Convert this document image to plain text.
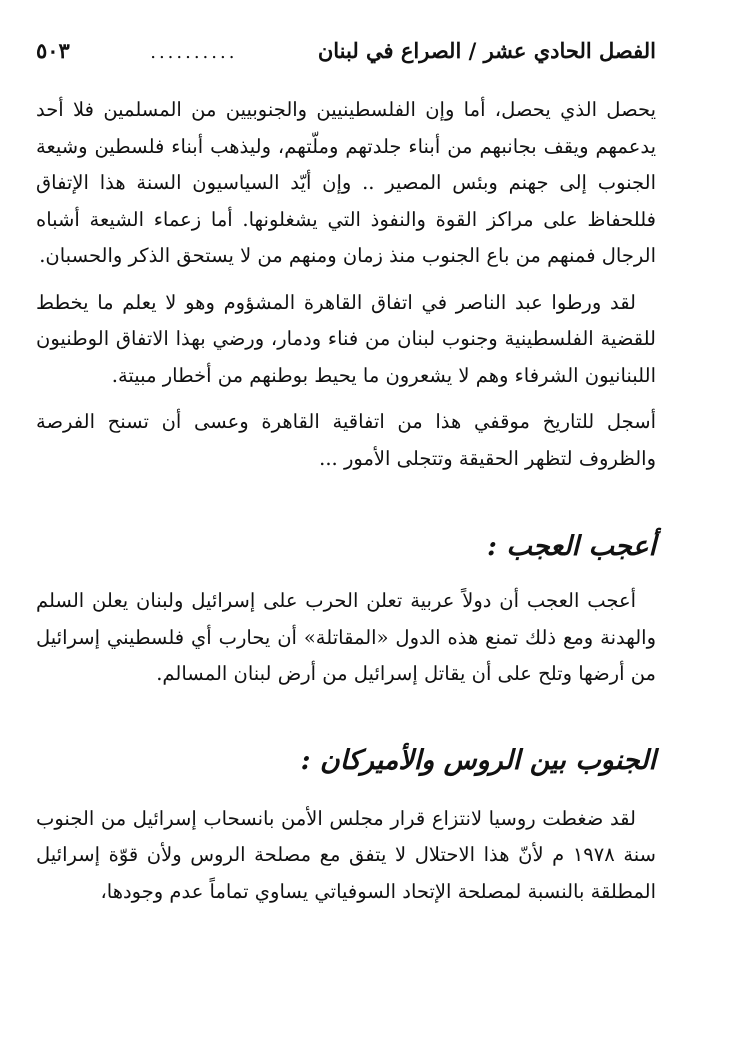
الفصل الحادي عشر / الصراع في لبنان
..........
٥٠٣

يحصل الذي يحصل، أما وإن الفلسطينيين والجنوبيين من المسلمين فلا أحد يدعمهم ويقف بجانبهم من أبناء جلدتهم وملّتهم، وليذهب أبناء فلسطين وشيعة الجنوب إلى جهنم وبئس المصير .. وإن أيّد السياسيون السنة هذا الإتفاق فللحفاظ على مراكز القوة والنفوذ التي يشغلونها. أما زعماء الشيعة أشباه الرجال فمنهم من باع الجنوب منذ زمان ومنهم من لا يستحق الذكر والحسبان.

لقد ورطوا عبد الناصر في اتفاق القاهرة المشؤوم وهو لا يعلم ما يخطط للقضية الفلسطينية وجنوب لبنان من فناء ودمار، ورضي بهذا الاتفاق الوطنيون اللبنانيون الشرفاء وهم لا يشعرون ما يحيط بوطنهم من أخطار مبيتة.

أسجل للتاريخ موقفي هذا من اتفاقية القاهرة وعسى أن تسنح الفرصة والظروف لتظهر الحقيقة وتتجلى الأمور ...

أعجب العجب :

أعجب العجب أن دولاً عربية تعلن الحرب على إسرائيل ولبنان يعلن السلم والهدنة ومع ذلك تمنع هذه الدول «المقاتلة» أن يحارب أي فلسطيني إسرائيل من أرضها وتلح على أن يقاتل إسرائيل من أرض لبنان المسالم.

الجنوب بين الروس والأميركان :

لقد ضغطت روسيا لانتزاع قرار مجلس الأمن بانسحاب إسرائيل من الجنوب سنة ١٩٧٨ م لأنّ هذا الاحتلال لا يتفق مع مصلحة الروس ولأن قوّة إسرائيل المطلقة بالنسبة لمصلحة الإتحاد السوفياتي يساوي تماماً عدم وجودها،
